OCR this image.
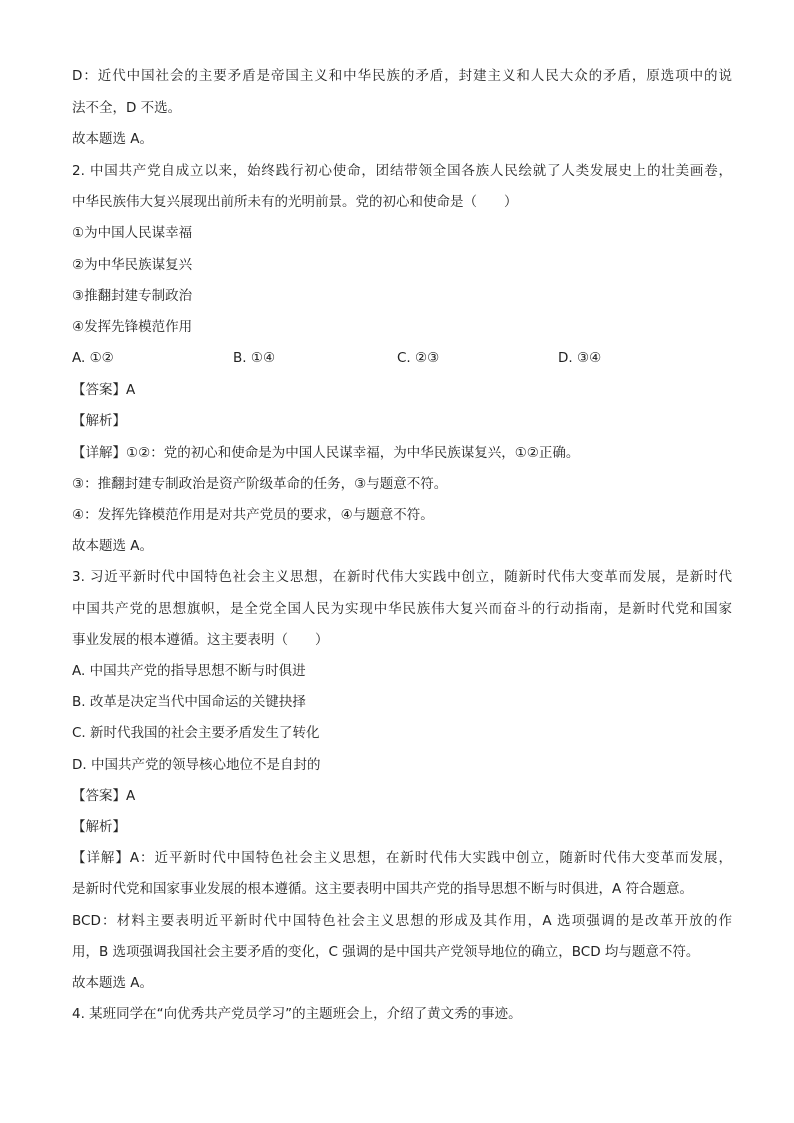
D：近代中国社会的主要矛盾是帝国主义和中华民族的矛盾，封建主义和人民大众的矛盾，原选项中的说
法不全，D 不选。
故本题选 A。
2. 中国共产党自成立以来，始终践行初心使命，团结带领全国各族人民绘就了人类发展史上的壮美画卷，
中华民族伟大复兴展现出前所未有的光明前景。党的初心和使命是（　　）
①为中国人民谋幸福
②为中华民族谋复兴
③推翻封建专制政治
④发挥先锋模范作用
A. ①②	B. ①④	C. ②③	D. ③④
【答案】A
【解析】
【详解】①②：党的初心和使命是为中国人民谋幸福，为中华民族谋复兴，①②正确。
③：推翻封建专制政治是资产阶级革命的任务，③与题意不符。
④：发挥先锋模范作用是对共产党员的要求，④与题意不符。
故本题选 A。
3. 习近平新时代中国特色社会主义思想，在新时代伟大实践中创立，随新时代伟大变革而发展，是新时代
中国共产党的思想旗帜，是全党全国人民为实现中华民族伟大复兴而奋斗的行动指南，是新时代党和国家
事业发展的根本遵循。这主要表明（　　）
A. 中国共产党的指导思想不断与时俱进
B. 改革是决定当代中国命运的关键抉择
C. 新时代我国的社会主要矛盾发生了转化
D. 中国共产党的领导核心地位不是自封的
【答案】A
【解析】
【详解】A：近平新时代中国特色社会主义思想，在新时代伟大实践中创立，随新时代伟大变革而发展，
是新时代党和国家事业发展的根本遵循。这主要表明中国共产党的指导思想不断与时俱进，A 符合题意。
BCD：材料主要表明近平新时代中国特色社会主义思想的形成及其作用，A 选项强调的是改革开放的作
用，B 选项强调我国社会主要矛盾的变化，C 强调的是中国共产党领导地位的确立，BCD 均与题意不符。
故本题选 A。
4. 某班同学在“向优秀共产党员学习”的主题班会上，介绍了黄文秀的事迹。
